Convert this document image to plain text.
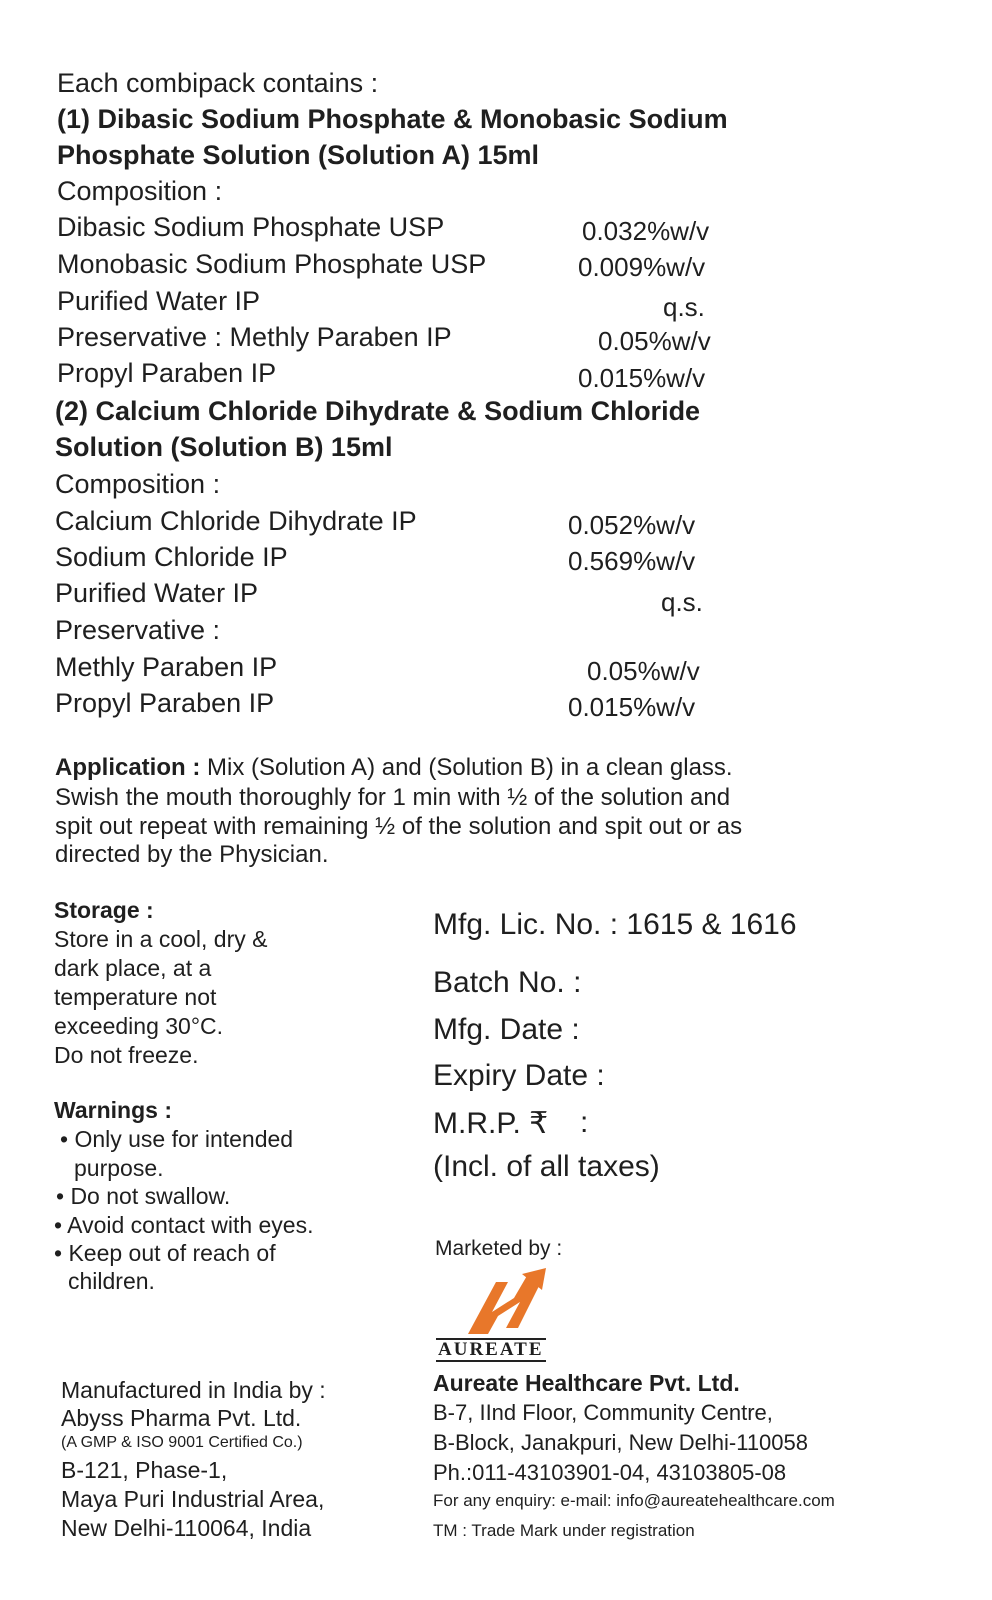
Each combipack contains :
(1) Dibasic Sodium Phosphate & Monobasic Sodium
Phosphate Solution (Solution A) 15ml
Composition :
Dibasic Sodium Phosphate USP	0.032%w/v
Monobasic Sodium Phosphate USP	0.009%w/v
Purified Water IP	q.s.
Preservative : Methly Paraben IP	0.05%w/v
Propyl Paraben IP	0.015%w/v
(2) Calcium Chloride Dihydrate & Sodium Chloride
Solution (Solution B) 15ml
Composition :
Calcium Chloride Dihydrate IP	0.052%w/v
Sodium Chloride IP	0.569%w/v
Purified Water IP	q.s.
Preservative :
Methly Paraben IP	0.05%w/v
Propyl Paraben IP	0.015%w/v
Application : Mix (Solution A) and (Solution B) in a clean glass.
Swish the mouth thoroughly for 1 min with ½ of the solution and
spit out repeat with remaining ½ of the solution and spit out or as
directed by the Physician.
Storage :
Store in a cool, dry &
dark place, at a
temperature not
exceeding 30°C.
Do not freeze.
Warnings :
• Only use for intended
purpose.
• Do not swallow.
• Avoid contact with eyes.
• Keep out of reach of
children.
Mfg. Lic. No. : 1615 & 1616
Batch No. :
Mfg. Date :
Expiry Date :
M.R.P. ₹ :
(Incl. of all taxes)
Marketed by :
AUREATE
Aureate Healthcare Pvt. Ltd.
B-7, IInd Floor, Community Centre,
B-Block, Janakpuri, New Delhi-110058
Ph.:011-43103901-04, 43103805-08
For any enquiry: e-mail: info@aureatehealthcare.com
TM : Trade Mark under registration
Manufactured in India by :
Abyss Pharma Pvt. Ltd.
(A GMP & ISO 9001 Certified Co.)
B-121, Phase-1,
Maya Puri Industrial Area,
New Delhi-110064, India
